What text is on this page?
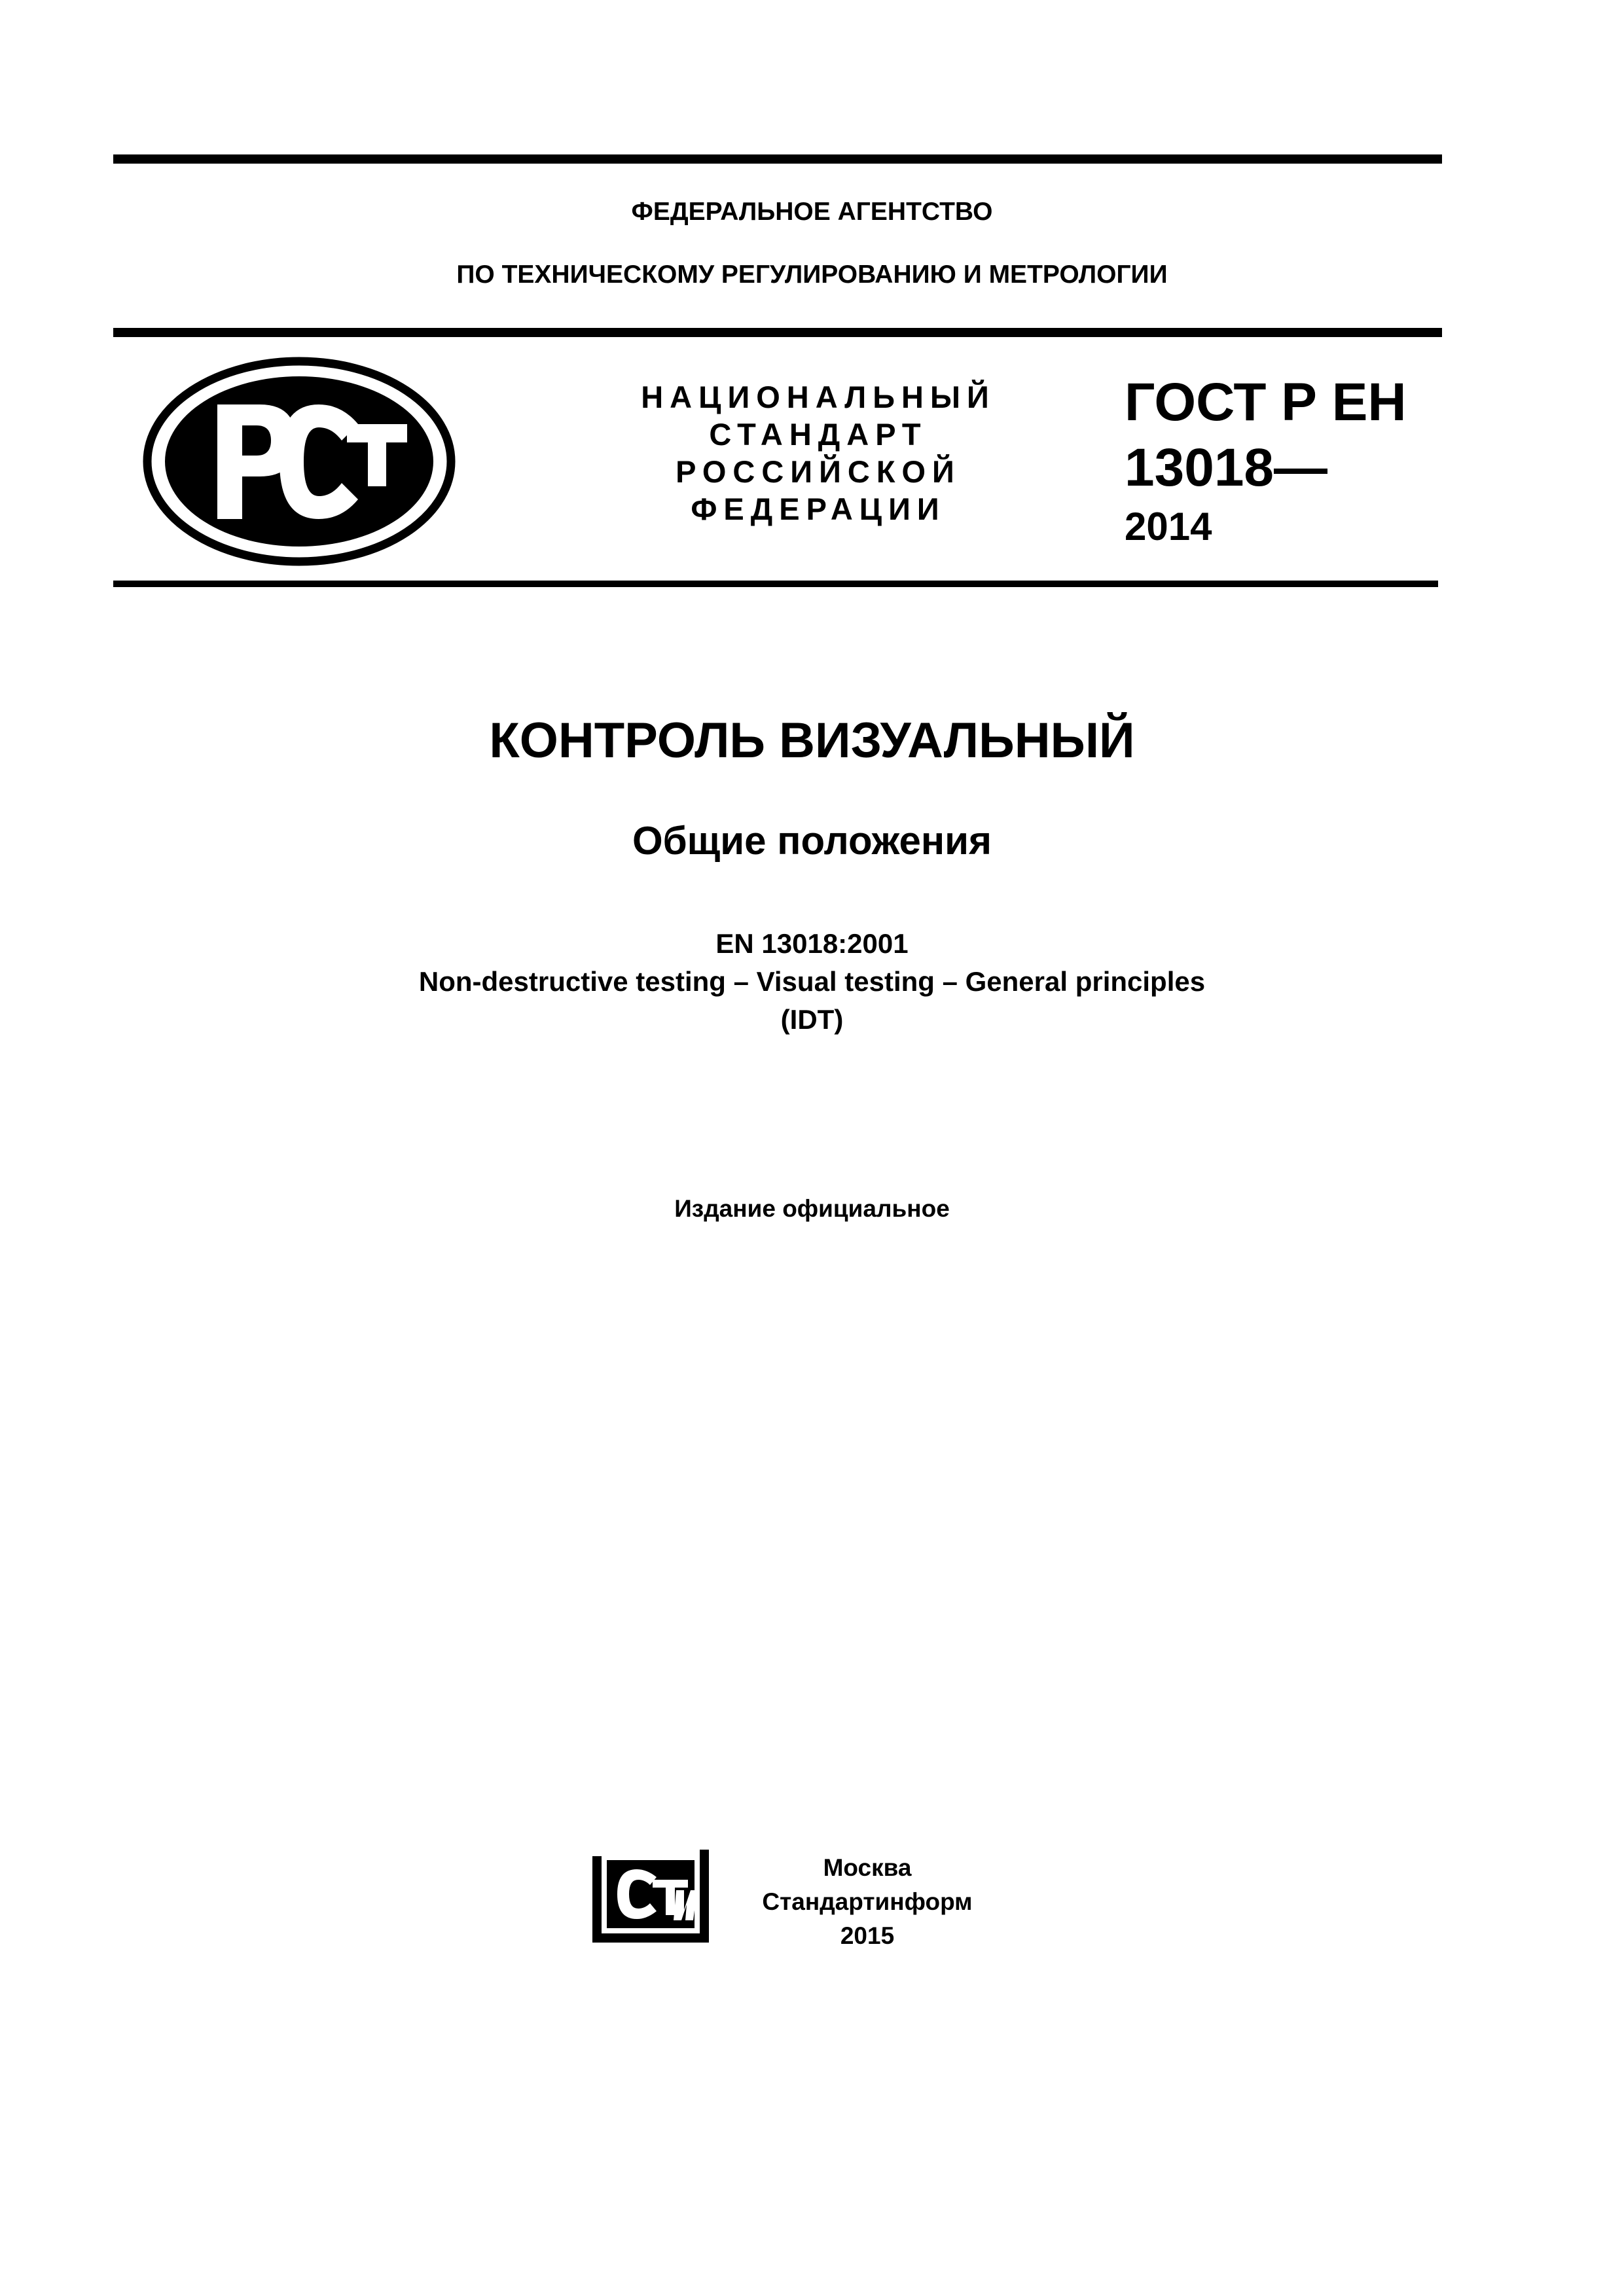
ФЕДЕРАЛЬНОЕ АГЕНТСТВО
ПО ТЕХНИЧЕСКОМУ РЕГУЛИРОВАНИЮ И МЕТРОЛОГИИ
НАЦИОНАЛЬНЫЙ
СТАНДАРТ
РОССИЙСКОЙ
ФЕДЕРАЦИИ
ГОСТ Р ЕН
13018—
2014
КОНТРОЛЬ ВИЗУАЛЬНЫЙ
Общие положения
EN 13018:2001
Non-destructive testing – Visual testing – General principles
(IDT)
Издание официальное
Москва
Стандартинформ
2015
